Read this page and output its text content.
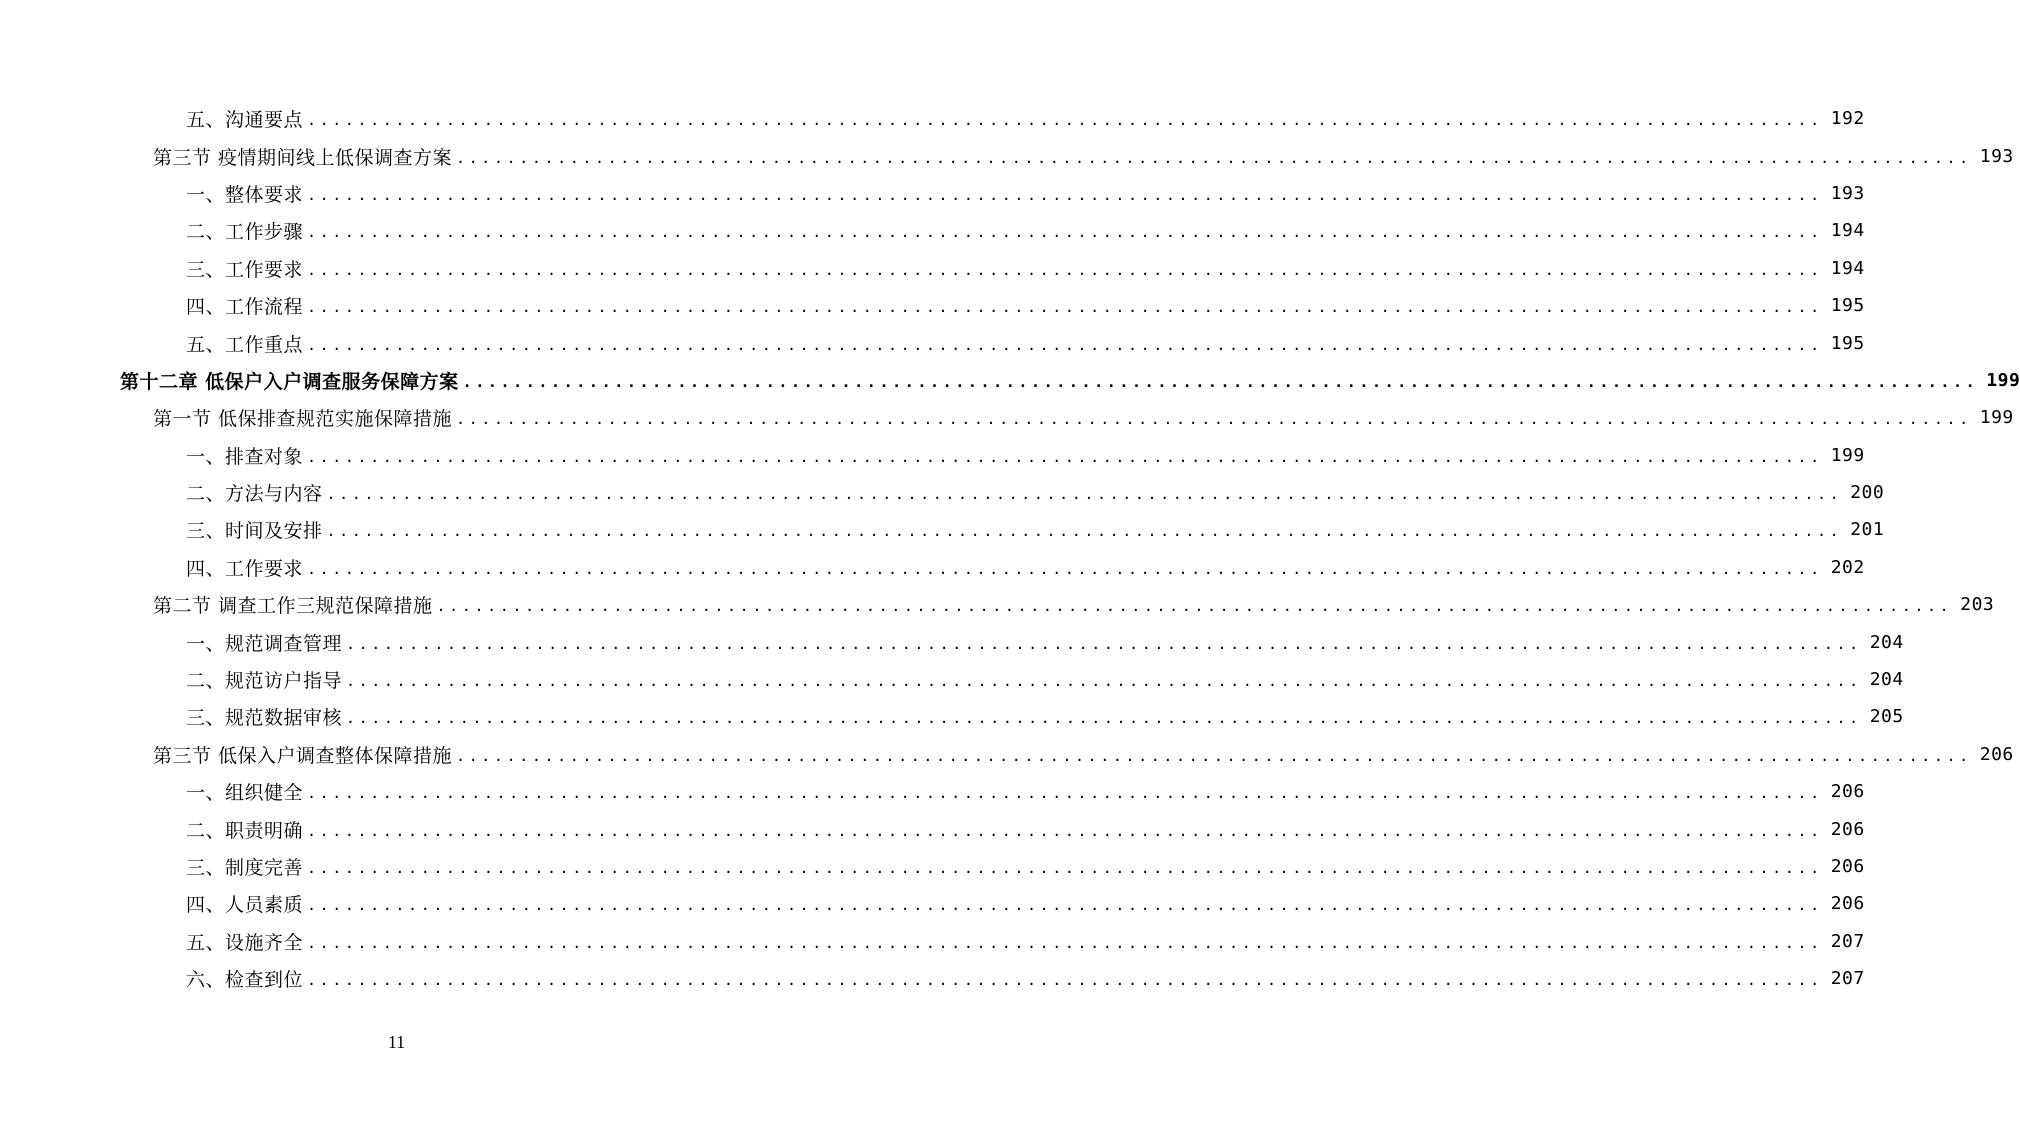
五、沟通要点 ........................................................................................................................ 192
第三节 疫情期间线上低保调查方案 ........................................................................................................................ 193
一、整体要求 ........................................................................................................................ 193
二、工作步骤 ........................................................................................................................ 194
三、工作要求 ........................................................................................................................ 194
四、工作流程 ........................................................................................................................ 195
五、工作重点 ........................................................................................................................ 195
第十二章 低保户入户调查服务保障方案 ........................................................................................................................ 199
第一节 低保排查规范实施保障措施 ........................................................................................................................ 199
一、排查对象 ........................................................................................................................ 199
二、方法与内容 ........................................................................................................................ 200
三、时间及安排 ........................................................................................................................ 201
四、工作要求 ........................................................................................................................ 202
第二节 调查工作三规范保障措施 ........................................................................................................................ 203
一、规范调查管理 ........................................................................................................................ 204
二、规范访户指导 ........................................................................................................................ 204
三、规范数据审核 ........................................................................................................................ 205
第三节 低保入户调查整体保障措施 ........................................................................................................................ 206
一、组织健全 ........................................................................................................................ 206
二、职责明确 ........................................................................................................................ 206
三、制度完善 ........................................................................................................................ 206
四、人员素质 ........................................................................................................................ 206
五、设施齐全 ........................................................................................................................ 207
六、检查到位 ........................................................................................................................ 207
11
